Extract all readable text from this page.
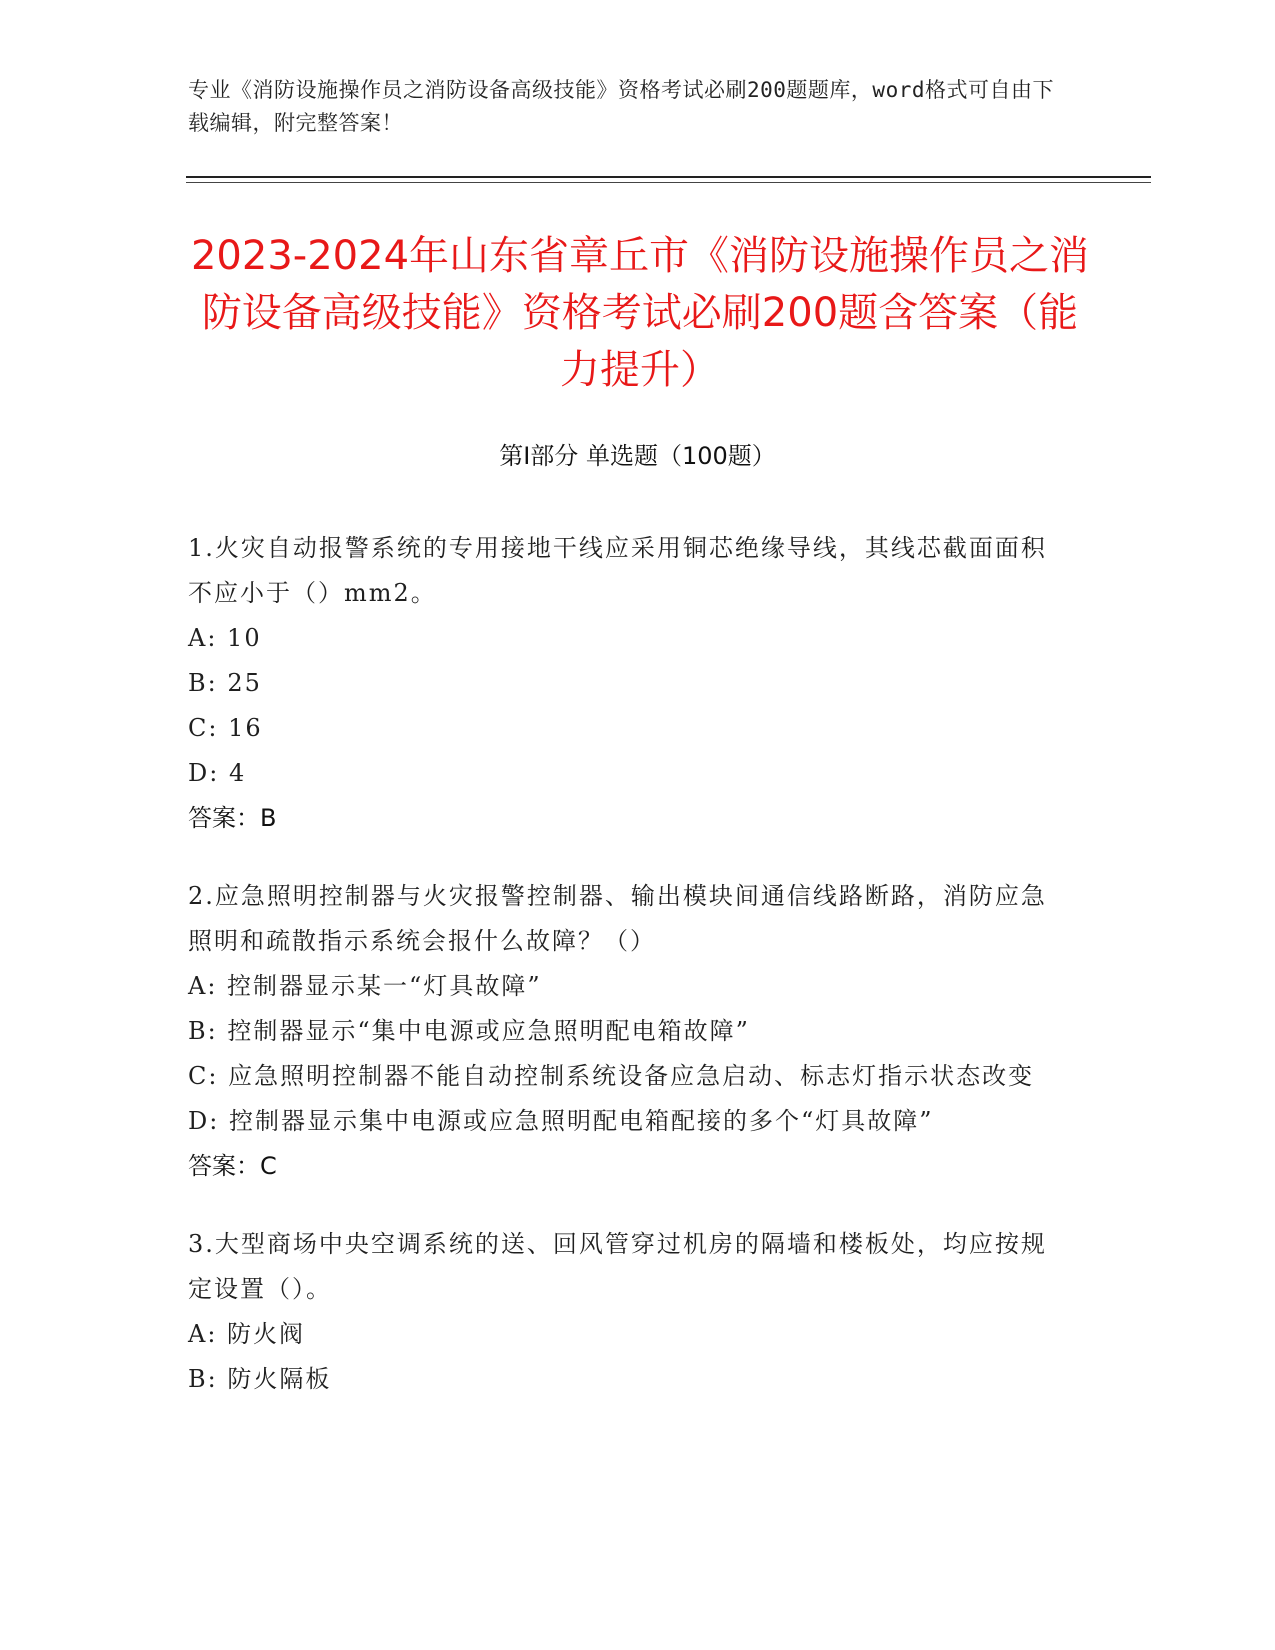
专业《消防设施操作员之消防设备高级技能》资格考试必刷200题题库，word格式可自由下载编辑，附完整答案！
2023-2024年山东省章丘市《消防设施操作员之消防设备高级技能》资格考试必刷200题含答案（能力提升）
第Ⅰ部分 单选题（100题）
1.火灾自动报警系统的专用接地干线应采用铜芯绝缘导线，其线芯截面面积不应小于（）mm2。
A: 10
B: 25
C: 16
D: 4
答案：B
2.应急照明控制器与火灾报警控制器、输出模块间通信线路断路，消防应急照明和疏散指示系统会报什么故障？（）
A: 控制器显示某一“灯具故障”
B: 控制器显示“集中电源或应急照明配电箱故障”
C: 应急照明控制器不能自动控制系统设备应急启动、标志灯指示状态改变
D: 控制器显示集中电源或应急照明配电箱配接的多个“灯具故障”
答案：C
3.大型商场中央空调系统的送、回风管穿过机房的隔墙和楼板处，均应按规定设置（）。
A: 防火阀
B: 防火隔板
